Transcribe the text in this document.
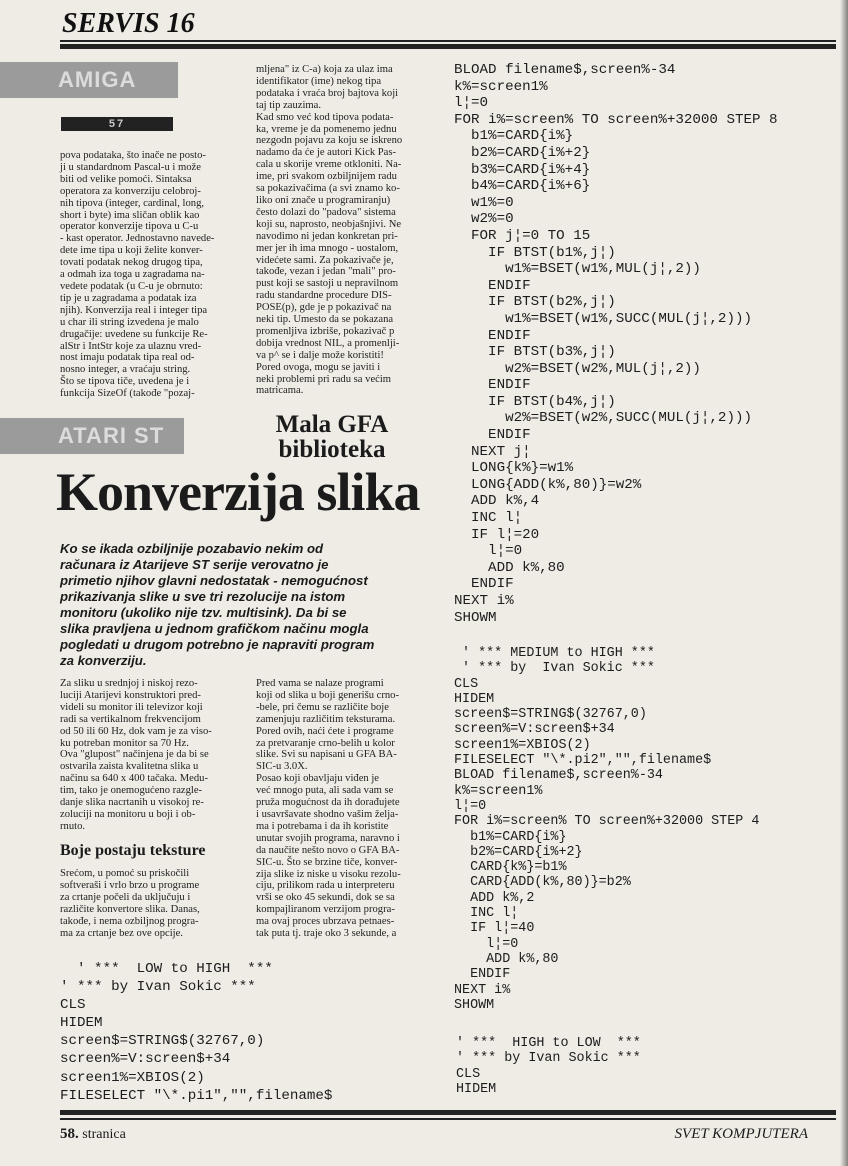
SERVIS 16
AMIGA
57
pova podataka, što inače ne posto-
ji u standardnom Pascal-u i može
biti od velike pomoći. Sintaksa
operatora za konverziju celobroj-
nih tipova (integer, cardinal, long,
short i byte) ima sličan oblik kao
operator konverzije tipova u C-u
- kast operator. Jednostavno navede-
dete ime tipa u koji želite konver-
tovati podatak nekog drugog tipa,
a odmah iza toga u zagradama na-
vedete podatak (u C-u je obrnuto:
tip je u zagradama a podatak iza
njih). Konverzija real i integer tipa
u char ili string izvedena je malo
drugačije: uvedene su funkcije Re-
alStr i IntStr koje za ulaznu vred-
nost imaju podatak tipa real od-
nosno integer, a vraćaju string.
Što se tipova tiče, uvedena je i
funkcija SizeOf (takođe "pozaj-
mljena" iz C-a) koja za ulaz ima
identifikator (ime) nekog tipa
podataka i vraća broj bajtova koji
taj tip zauzima.
Kad smo već kod tipova podata-
ka, vreme je da pomenemo jednu
nezgodn pojavu za koju se iskreno
nadamo da će je autori Kick Pas-
cala u skorije vreme otkloniti. Na-
ime, pri svakom ozbiljnijem radu
sa pokazivačima (a svi znamo ko-
liko oni znače u programiranju)
često dolazi do "padova" sistema
koji su, naprosto, neobjašnjivi. Ne
navodimo ni jedan konkretan pri-
mer jer ih ima mnogo - uostalom,
videćete sami. Za pokazivače je,
takođe, vezan i jedan "mali" pro-
pust koji se sastoji u nepravilnom
radu standardne procedure DIS-
POSE(p), gde je p pokazivač na
neki tip. Umesto da se pokazana
promenljiva izbriše, pokazivač p
dobija vrednost NIL, a promenlji-
va p^ se i dalje može koristiti!
Pored ovoga, mogu se javiti i
neki problemi pri radu sa većim
matricama.
ATARI ST	Mala GFA
biblioteka
Konverzija slika
Ko se ikada ozbiljnije pozabavio nekim od
računara iz Atarijeve ST serije verovatno je
primetio njihov glavni nedostatak - nemogućnost
prikazivanja slike u sve tri rezolucije na istom
monitoru (ukoliko nije tzv. multisink). Da bi se
slika pravljena u jednom grafičkom načinu mogla
pogledati u drugom potrebno je napraviti program
za konverziju.
Za sliku u srednjoj i niskoj rezo-
luciji Atarijevi konstruktori pred-
videli su monitor ili televizor koji
radi sa vertikalnom frekvencijom
od 50 ili 60 Hz, dok vam je za viso-
ku potreban monitor sa 70 Hz.
Ova "glupost" načinjena je da bi se
ostvarila zaista kvalitetna slika u
načinu sa 640 x 400 tačaka. Medu-
tim, tako je onemogućeno razgle-
danje slika nacrtanih u visokoj re-
zoluciji na monitoru u boji i ob-
rnuto.
Boje postaju teksture
Srećom, u pomoć su priskočili
softveraši i vrlo brzo u programe
za crtanje počeli da uključuju i
različite konvertore slika. Danas,
takođe, i nema ozbiljnog progra-
ma za crtanje bez ove opcije.
Pred vama se nalaze programi
koji od slika u boji generišu crno-
-bele, pri čemu se različite boje
zamenjuju različitim teksturama.
Pored ovih, naći ćete i programe
za pretvaranje crno-belih u kolor
slike. Svi su napisani u GFA BA-
SIC-u 3.0X.
Posao koji obavljaju viđen je
već mnogo puta, ali sada vam se
pruža mogućnost da ih dorađujete
i usavršavate shodno vašim želja-
ma i potrebama i da ih koristite
unutar svojih programa, naravno i
da naučite nešto novo o GFA BA-
SIC-u. Što se brzine tiče, konver-
zija slike iz niske u visoku rezolu-
ciju, prilikom rada u interpreteru
vrši se oko 45 sekundi, dok se sa
kompajliranom verzijom progra-
ma ovaj proces ubrzava petnaes-
tak puta tj. traje oko 3 sekunde, a
' ***  LOW to HIGH  ***
' *** by Ivan Sokic ***
CLS
HIDEM
screen$=STRING$(32767,0)
screen%=V:screen$+34
screen1%=XBIOS(2)
FILESELECT "\*.pi1","",filename$
BLOAD filename$,screen%-34
k%=screen1%
l¦=0
FOR i%=screen% TO screen%+32000 STEP 8
b1%=CARD{i%}
b2%=CARD{i%+2}
b3%=CARD{i%+4}
b4%=CARD{i%+6}
w1%=0
w2%=0
FOR j¦=0 TO 15
IF BTST(b1%,j¦)
w1%=BSET(w1%,MUL(j¦,2))
ENDIF
IF BTST(b2%,j¦)
w1%=BSET(w1%,SUCC(MUL(j¦,2)))
ENDIF
IF BTST(b3%,j¦)
w2%=BSET(w2%,MUL(j¦,2))
ENDIF
IF BTST(b4%,j¦)
w2%=BSET(w2%,SUCC(MUL(j¦,2)))
ENDIF
NEXT j¦
LONG{k%}=w1%
LONG{ADD(k%,80)}=w2%
ADD k%,4
INC l¦
IF l¦=20
l¦=0
ADD k%,80
ENDIF
NEXT i%
SHOWM
' *** MEDIUM to HIGH ***
' *** by  Ivan Sokic ***
CLS
HIDEM
screen$=STRING$(32767,0)
screen%=V:screen$+34
screen1%=XBIOS(2)
FILESELECT "\*.pi2","",filename$
BLOAD filename$,screen%-34
k%=screen1%
l¦=0
FOR i%=screen% TO screen%+32000 STEP 4
b1%=CARD{i%}
b2%=CARD{i%+2}
CARD{k%}=b1%
CARD{ADD(k%,80)}=b2%
ADD k%,2
INC l¦
IF l¦=40
l¦=0
ADD k%,80
ENDIF
NEXT i%
SHOWM
' ***  HIGH to LOW  ***
' *** by Ivan Sokic ***
CLS
HIDEM
58. stranica	SVET KOMPJUTERA
